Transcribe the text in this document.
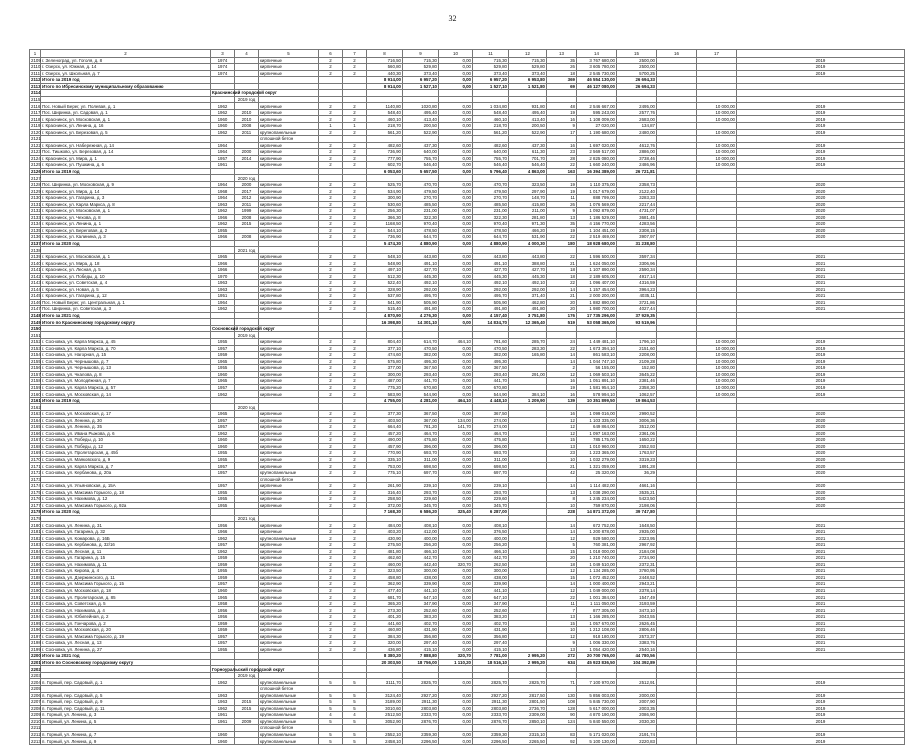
32
1	2	3	4	5	6	7	8	9	10	11	12	13	14	15	16	17	
2109	г. Зеленоград, ул. Гоголя, д. 8	1974		кирпичные	2	2	716,50	715,30	0,00	715,30	715,30	35	3 767 680,00	2500,00			2019
2110	г. Озерск, ул. Южная, д. 14	1974		кирпичные	2	2	560,80	529,80	0,00	529,80	529,80	26	3 605 780,00	2500,00			2019
2111	г. Озерск, ул. Школьная, д. 7	1974		кирпичные	2	2	440,30	373,40	0,00	373,40	373,40	18	2 545 730,00	5700,25			2019
2112	Итого за 2019 год						8 914,00	6 957,20	0,00	6 957,20	6 953,80	369	46 554 130,00	26 694,33			
2113	Итого по Ибресинскому муниципальному образованию						8 914,00	1 527,10	0,00	1 527,10	1 521,80	69	46 127 080,00	26 694,33			
2114		Краснинский городской округ															
2115			2019 год														
2116	Пос. Новый Берег, ул. Полевая, д. 1	1962		кирпичные	2	2	1140,80	1020,80	0,00	1 034,80	931,80	48	2 546 667,00	2495,00		10 000,00	2019
2117	Пос. Ширинка, ул. Садовая, д. 1	1962	2010	кирпичные	2	2	548,40	495,40	0,00	548,40	495,40	19	595 243,00	2577,76		10 000,00	2019
2118	г. Краснинск, ул. Московская, д. 1	1960	2010	кирпичные	2	2	460,10	413,40	0,00	460,10	413,40	16	1 108 009,00	2683,00		10 000,00	2019
2119	г. Краснинск, ул. Ленина, д. 16	1960	2008	кирпичные	1	1	218,70	200,50	0,00	218,70	200,50	9	27 020,00	134,87			2019
2120	г. Краснинск, ул. Березовая, д. 5	1962	2011	крупнопанельные	2	2	561,20	522,90	0,00	561,20	522,90	17	1 190 680,00	2480,00		10 000,00	2019
2121				сплошной бетон													
2122	г. Краснинск, ул. Набережная, д. 14	1964		кирпичные	2	2	482,60	437,30	0,00	482,60	437,30	16	1 697 020,00	4612,76		10 000,00	2019
2123	Пос. Тишково, ул. Березовая, д. 14	1964	2000	кирпичные	2	2	736,90	640,00	0,00	640,00	611,30	23	2 569 517,00	2886,00		10 000,00	2019
2124	г. Краснинск, ул. Мира, д. 1	1957	2014	кирпичные	2	2	777,90	755,70	0,00	755,70	701,70	28	2 825 080,00	3738,46		10 000,00	2019
2125	г. Краснинск, ул. Пушкина, д. 6	1961		кирпичные	2	2	602,70	546,40	0,00	546,40	546,40	22	1 660 240,00	2486,96		10 000,00	2019
2126	Итого за 2019 год						6 053,60	5 657,50	0,00	5 796,40	4 863,00	163	16 394 389,00	26 721,81			
2127			2020 год														
2128	Пос. Ширинка, ул. Московская, д. 9	1964	2000	кирпичные	2	2	525,70	470,70	0,00	470,70	323,50	19	1 110 375,00	2358,73			2020
2129	г. Краснинск, ул. Мира, д. 14	1968	2017	кирпичные	2	2	534,90	479,50	0,00	479,50	297,90	19	1 017 679,00	2122,40			2020
2130	г. Краснинск, ул. Гагарина, д. 3	1964	2012	кирпичные	2	2	300,90	270,70	0,00	270,70	148,70	11	888 799,00	3283,33			2020
2131	г. Краснинск, ул. Карла Маркса, д. 8	1963	2011	кирпичные	2	2	530,60	485,50	0,00	485,50	415,80	26	1 076 569,00	2217,44			2020
2132	г. Краснинск, ул. Московская, д. 1	1962	1999	кирпичные	2	2	256,30	231,00	0,00	231,00	211,00	9	1 092 879,00	4731,07			2020
2133	г. Краснинск, ул. Чехова, д. 8	1966	2008	кирпичные	2	2	366,30	322,30	0,00	322,30	281,80	13	1 186 529,00	3681,45			2020
2134	г. Краснинск, ул. Ленина, д. 1	1962	2015	кирпичные	2	2	1168,50	970,40	0,00	970,40	971,30	35	4 156 770,00	4283,56			2020
2135	г. Краснинск, ул. Береговая, д. 2	1955		кирпичные	2	2	544,10	478,50	0,00	478,50	466,20	19	1 104 451,00	2308,15			2020
2136	г. Краснинск, ул. Калинина, д. 3	1966	2008	кирпичные	2	2	736,90	644,70	0,00	644,70	531,90	22	2 519 469,00	3907,97			2020
2137	Итого за 2020 год						5 474,30	4 880,90	0,00	4 880,90	4 000,30	180	18 928 680,00	31 238,80			
2138			2021 год														
2139	г. Краснинск, ул. Московская, д. 1	1965		кирпичные	2	2	548,10	443,80	0,00	443,80	443,80	22	1 596 500,00	3597,34			2021
2140	г. Краснинск, ул. Мира, д. 18	1966		кирпичные	2	2	548,90	491,10	0,00	491,10	388,80	21	1 624 050,00	3306,96			2021
2141	г. Краснинск, ул. Лесная, д. 5	1966		кирпичные	2	2	497,10	427,70	0,00	427,70	427,70	18	1 107 890,00	2590,34			2021
2142	г. Краснинск, ул. Победы, д. 10	1970		кирпичные	2	2	512,30	445,30	0,00	445,30	445,30	18	2 189 605,00	4917,14			2021
2143	г. Краснинск, ул. Советская, д. 4	1963		кирпичные	2	2	522,40	492,10	0,00	492,10	492,10	22	1 096 407,00	4316,59			2021
2144	г. Краснинск, ул. Новая, д. 5	1963		кирпичные	2	2	328,90	292,00	0,00	292,00	292,00	14	1 157 454,00	3964,23			2021
2145	г. Краснинск, ул. Гагарина, д. 12	1951		кирпичные	2	2	537,80	495,70	0,00	495,70	371,40	21	2 000 200,00	4035,11			2021
2146	Пос. Новый Берег, ул. Центральная, д. 1	1964		кирпичные	2	2	541,90	505,90	0,00	505,90	462,80	20	1 882 890,00	3721,86			2021
2147	Пос. Ширинка, ул. Советская, д. 3	1962		кирпичные	2	2	515,40	491,80	0,00	491,80	491,80	20	1 980 700,00	4027,44			2021
2148	Итого за 2021 год						4 870,90	4 276,30	0,00	4 157,40	3 751,80	176	17 735 296,00	37 929,35			
2149	Итого по Краснинскому городскому округу						16 398,80	14 301,10	0,00	14 834,70	12 365,40	519	53 058 365,00	93 519,96			
2150		Сосновский городской округ															
2151			2019 год														
2152	г. Сосновка, ул. Карла Маркса, д. 45	1955		кирпичные	2	2	804,40	614,70	464,10	781,60	285,70	24	1 449 481,10	1796,10		10 000,00	2019
2153	г. Сосновка, ул. Карла Маркса, д. 70	1957		кирпичные	2	2	377,10	470,50	0,00	470,50	283,30	22	1 673 394,10	2151,60		10 000,00	2019
2154	г. Сосновка, ул. Нагорная, д. 15	1959		кирпичные	2	2	474,60	382,00	0,00	382,00	165,80	14	861 583,10	2208,00		10 000,00	2019
2155	г. Сосновка, ул. Чернышова, д. 7	1965		кирпичные	2	2	575,80	495,30	0,00	495,30		14	1 044 747,10	2109,28		10 000,00	2019
2156	г. Сосновка, ул. Чернышова, д. 13	1955		кирпичные	2	2	377,00	367,50	0,00	367,50		2	56 155,00	152,80		10 000,00	2019
2157	г. Сосновка, ул. Чкалова, д. 8	1960		кирпичные	2	2	300,00	293,40	0,00	293,40	291,00	12	1 069 503,10	3645,22		10 000,00	2019
2158	г. Сосновка, ул. Молодёжная, д. 7	1965		кирпичные	2	2	487,00	441,70	0,00	441,70		16	1 051 891,10	2381,46		10 000,00	2019
2159	г. Сосновка, ул. Карла Маркса, д. 57	1957		кирпичные	2	2	775,20	670,80	0,00	670,80		19	1 581 954,10	2358,30		10 000,00	2019
2160	г. Сосновка, ул. Московская, д. 14	1962		кирпичные	2	2	583,90	544,90	0,00	544,90	384,10	16	578 994,10	1062,57		10 000,00	2019
2161	Итого за 2019 год						4 755,00	4 281,00	464,10	4 448,10	1 209,90	139	10 351 899,50	19 864,53			
2162			2020 год														
2163	г. Сосновка, ул. Московская, д. 17	1965		кирпичные	2	2	377,30	367,50	0,00	367,50		16	1 099 016,00	2990,52			2020
2164	г. Сосновка, ул. Ленина, д. 30	1957		кирпичные	2	2	403,50	367,00	134,00	274,00		12	1 103 335,00	3006,36			2020
2165	г. Сосновка, ул. Ленина, д. 35	1957		кирпичные	2	2	664,40	781,20	141,70	274,00		12	649 864,00	3512,00			2020
2166	г. Сосновка, ул. Ивана Рыжова, д. 6	1962		кирпичные	2	2	457,20	464,70	0,00	464,70		12	1 097 163,00	2361,06			2020
2167	г. Сосновка, ул. Победы, д. 10	1960		кирпичные	2	2	490,00	475,80	0,00	475,80		15	785 175,00	1650,22			2020
2168	г. Сосновка, ул. Победы, д. 12	1960		кирпичные	2	2	457,90	396,00	0,00	396,00		13	1 010 960,00	2552,93			2020
2169	г. Сосновка, ул. Пролетарская, д. 45б	1955		кирпичные	2	2	770,90	693,70	0,00	693,70		23	1 223 365,00	1763,57			2020
2170	г. Сосновка, ул. Маяковского, д. 9	1955		кирпичные	2	2	335,10	311,00	0,00	311,00		10	1 032 279,00	3319,23			2020
2171	г. Сосновка, ул. Карла Маркса, д. 7	1957		кирпичные	2	2	753,00	698,50	0,00	698,50		21	1 321 059,00	1891,28			2020
2172	г. Сосновка, ул. Кербанова, д. 20а	1957		крупнопанельные	2	2	775,10	697,70	0,00	697,70		42	25 320,00	36,29			2020
2173				сплошной бетон													
2174	г. Сосновка, ул. Ульяновская, д. 15А	1957		кирпичные	2	2	261,90	239,10	0,00	239,10		14	1 114 482,00	4661,16			2020
2175	г. Сосновка, ул. Максима Горького, д. 18	1955		кирпичные	2	2	316,40	293,70	0,00	293,70		13	1 038 290,00	3535,21			2020
2176	г. Сосновка, ул. Нахимова, д. 12	1955		кирпичные	2	2	258,50	229,60	0,00	229,60		8	1 245 234,00	5423,50			2020
2177	г. Сосновка, ул. Максима Горького, д. 92а	1955		кирпичные	2	2	372,00	345,70	0,00	345,70		10	759 870,00	2198,06			2020
2178	Итого за 2020 год						7 168,30	6 586,20	325,40	6 287,00		228	14 871 372,00	39 747,80			
2179			2021 год														
2180	г. Сосновка, ул. Ленина, д. 31	1956		кирпичные	2	2	484,00	408,10	0,00	408,10		14	672 752,00	1648,50			2021
2181	г. Сосновка, ул. Гагарина, д. 32	1966		кирпичные	2	2	403,20	412,00	0,00	376,50		14	1 200 878,00	2935,00			2021
2182	г. Сосновка, ул. Комарова, д. 16Б	1962		крупнопанельные	2	2	430,90	400,00	0,00	400,00		12	929 580,00	2323,95			2021
2183	г. Сосновка, ул. Кербанова, д. 32/16	1957		кирпичные	2	2	275,50	256,20	0,00	256,20		5	760 381,00	2967,92			2021
2184	г. Сосновка, ул. Лесная, д. 11	1962		кирпичные	2	2	481,80	466,10	0,00	466,10		15	1 018 000,00	2184,08			2021
2185	г. Сосновка, ул. Гагарина, д. 15	1959		кирпичные	2	2	462,60	442,70	0,00	442,70		20	1 210 740,00	2734,90			2021
2186	г. Сосновка, ул. Нахимова, д. 11	1959		кирпичные	2	2	460,00	442,40	320,70	262,50		18	1 049 510,00	2372,31			2021
2187	г. Сосновка, ул. Кирова, д. 4	1955		кирпичные	2	2	323,50	300,00	0,00	300,00		12	1 134 285,00	3780,95			2021
2188	г. Сосновка, ул. Дзержинского, д. 11	1959		кирпичные	2	2	458,80	438,00	0,00	438,00		15	1 072 452,00	2448,52			2021
2189	г. Сосновка, ул. Максима Горького, д. 15	1957		кирпичные	2	2	362,90	339,90	0,00	339,90		14	1 000 400,00	2943,21			2021
2190	г. Сосновка, ул. Московская, д. 18	1960		кирпичные	2	2	477,40	441,10	0,00	441,10		12	1 049 000,00	2378,14			2021
2191	г. Сосновка, ул. Пролетарская, д. 85	1965		кирпичные	2	2	681,70	647,10	0,00	647,10		22	1 001 384,00	1547,49			2021
2192	г. Сосновка, ул. Советская, д. 5	1958		кирпичные	2	2	365,20	347,90	0,00	347,90		11	1 111 050,00	3193,59			2021
2193	г. Сосновка, ул. Нахимова, д. 4	1956		кирпичные	2	2	273,30	252,60	0,00	252,60		7	877 305,00	3473,10			2021
2194	г. Сосновка, ул. Юбилейная, д. 2	1956		кирпичные	2	2	401,20	383,20	0,00	383,20		13	1 166 285,00	3043,55			2021
2195	г. Сосновка, ул. Гончарова, д. 2	1959		кирпичные	2	2	441,60	402,70	0,00	402,70		15	1 057 670,00	2626,45			2021
2196	г. Сосновка, ул. Московская, д. 20	1959		кирпичные	2	2	460,80	431,90	0,00	431,90		10	1 212 108,00	2806,46			2021
2197	г. Сосновка, ул. Максима Горького, д. 19	1957		кирпичные	2	2	384,30	356,80	0,00	356,80		12	918 180,00	2573,37			2021
2198	г. Сосновка, ул. Лесная, д. 13	1957		кирпичные	2	2	320,00	297,40	0,00	297,40		9	1 006 330,00	3383,76			2021
2199	г. Сосновка, ул. Ленина, д. 27	1955		кирпичные	2	2	436,80	415,10	0,00	415,10		13	1 054 420,00	2540,16			2021
2200	Итого за 2021 год						8 380,20	7 888,80	320,70	7 781,00	2 995,20	272	20 700 765,00	44 780,56			
2201	Итого по Сосновскому городскому округу						20 303,50	18 756,00	1 110,20	18 516,10	2 995,20	634	45 923 836,50	104 392,89			
2202		Горноуральский городской округ															
2203			2019 год														
2204	п. Горный, пер. Садовый, д. 1	1962		крупнопанельные	5	5	3111,70	2825,70	0,00	2825,70	2825,70	71	7 100 970,00	2512,91			2019
2205				сплошной бетон													
2206	п. Горный, пер. Садовый, д. 5	1963		крупнопанельные	5	5	3124,40	2927,20	0,00	2927,20	2817,50	130	5 856 003,00	2000,00			2019
2207	п. Горный, пер. Садовый, д. 9	1963	2015	крупнопанельные	5	5	3189,00	2911,30	0,00	2911,30	2801,50	108	5 845 730,00	2007,90			2019
2208	п. Горный, пер. Садовый, д. 11	1962	2015	крупнопанельные	5	5	3010,60	2803,80	0,00	2803,80	2736,70	128	5 617 000,00	2003,35			2019
2209	п. Горный, ул. Ленина, д. 3	1961		крупнопанельные	4	4	2512,50	2333,70	0,00	2333,70	2309,00	90	4 870 190,00	2086,90			2019
2210	п. Горный, ул. Ленина, д. 5	1961	2009	крупнопанельные	5	5	3052,90	2876,70	0,00	2876,70	2850,10	124	5 840 550,00	2030,30			2019
2211				сплошной бетон													
2212	п. Горный, ул. Ленина, д. 7	1960		крупнопанельные	5	5	2552,10	2359,30	0,00	2359,30	2315,10	83	5 171 020,00	2191,74			2019
2213	п. Горный, ул. Ленина, д. 9	1960		крупнопанельные	5	5	2458,10	2296,50	0,00	2296,50	2265,50	92	5 100 130,00	2220,83			2019
